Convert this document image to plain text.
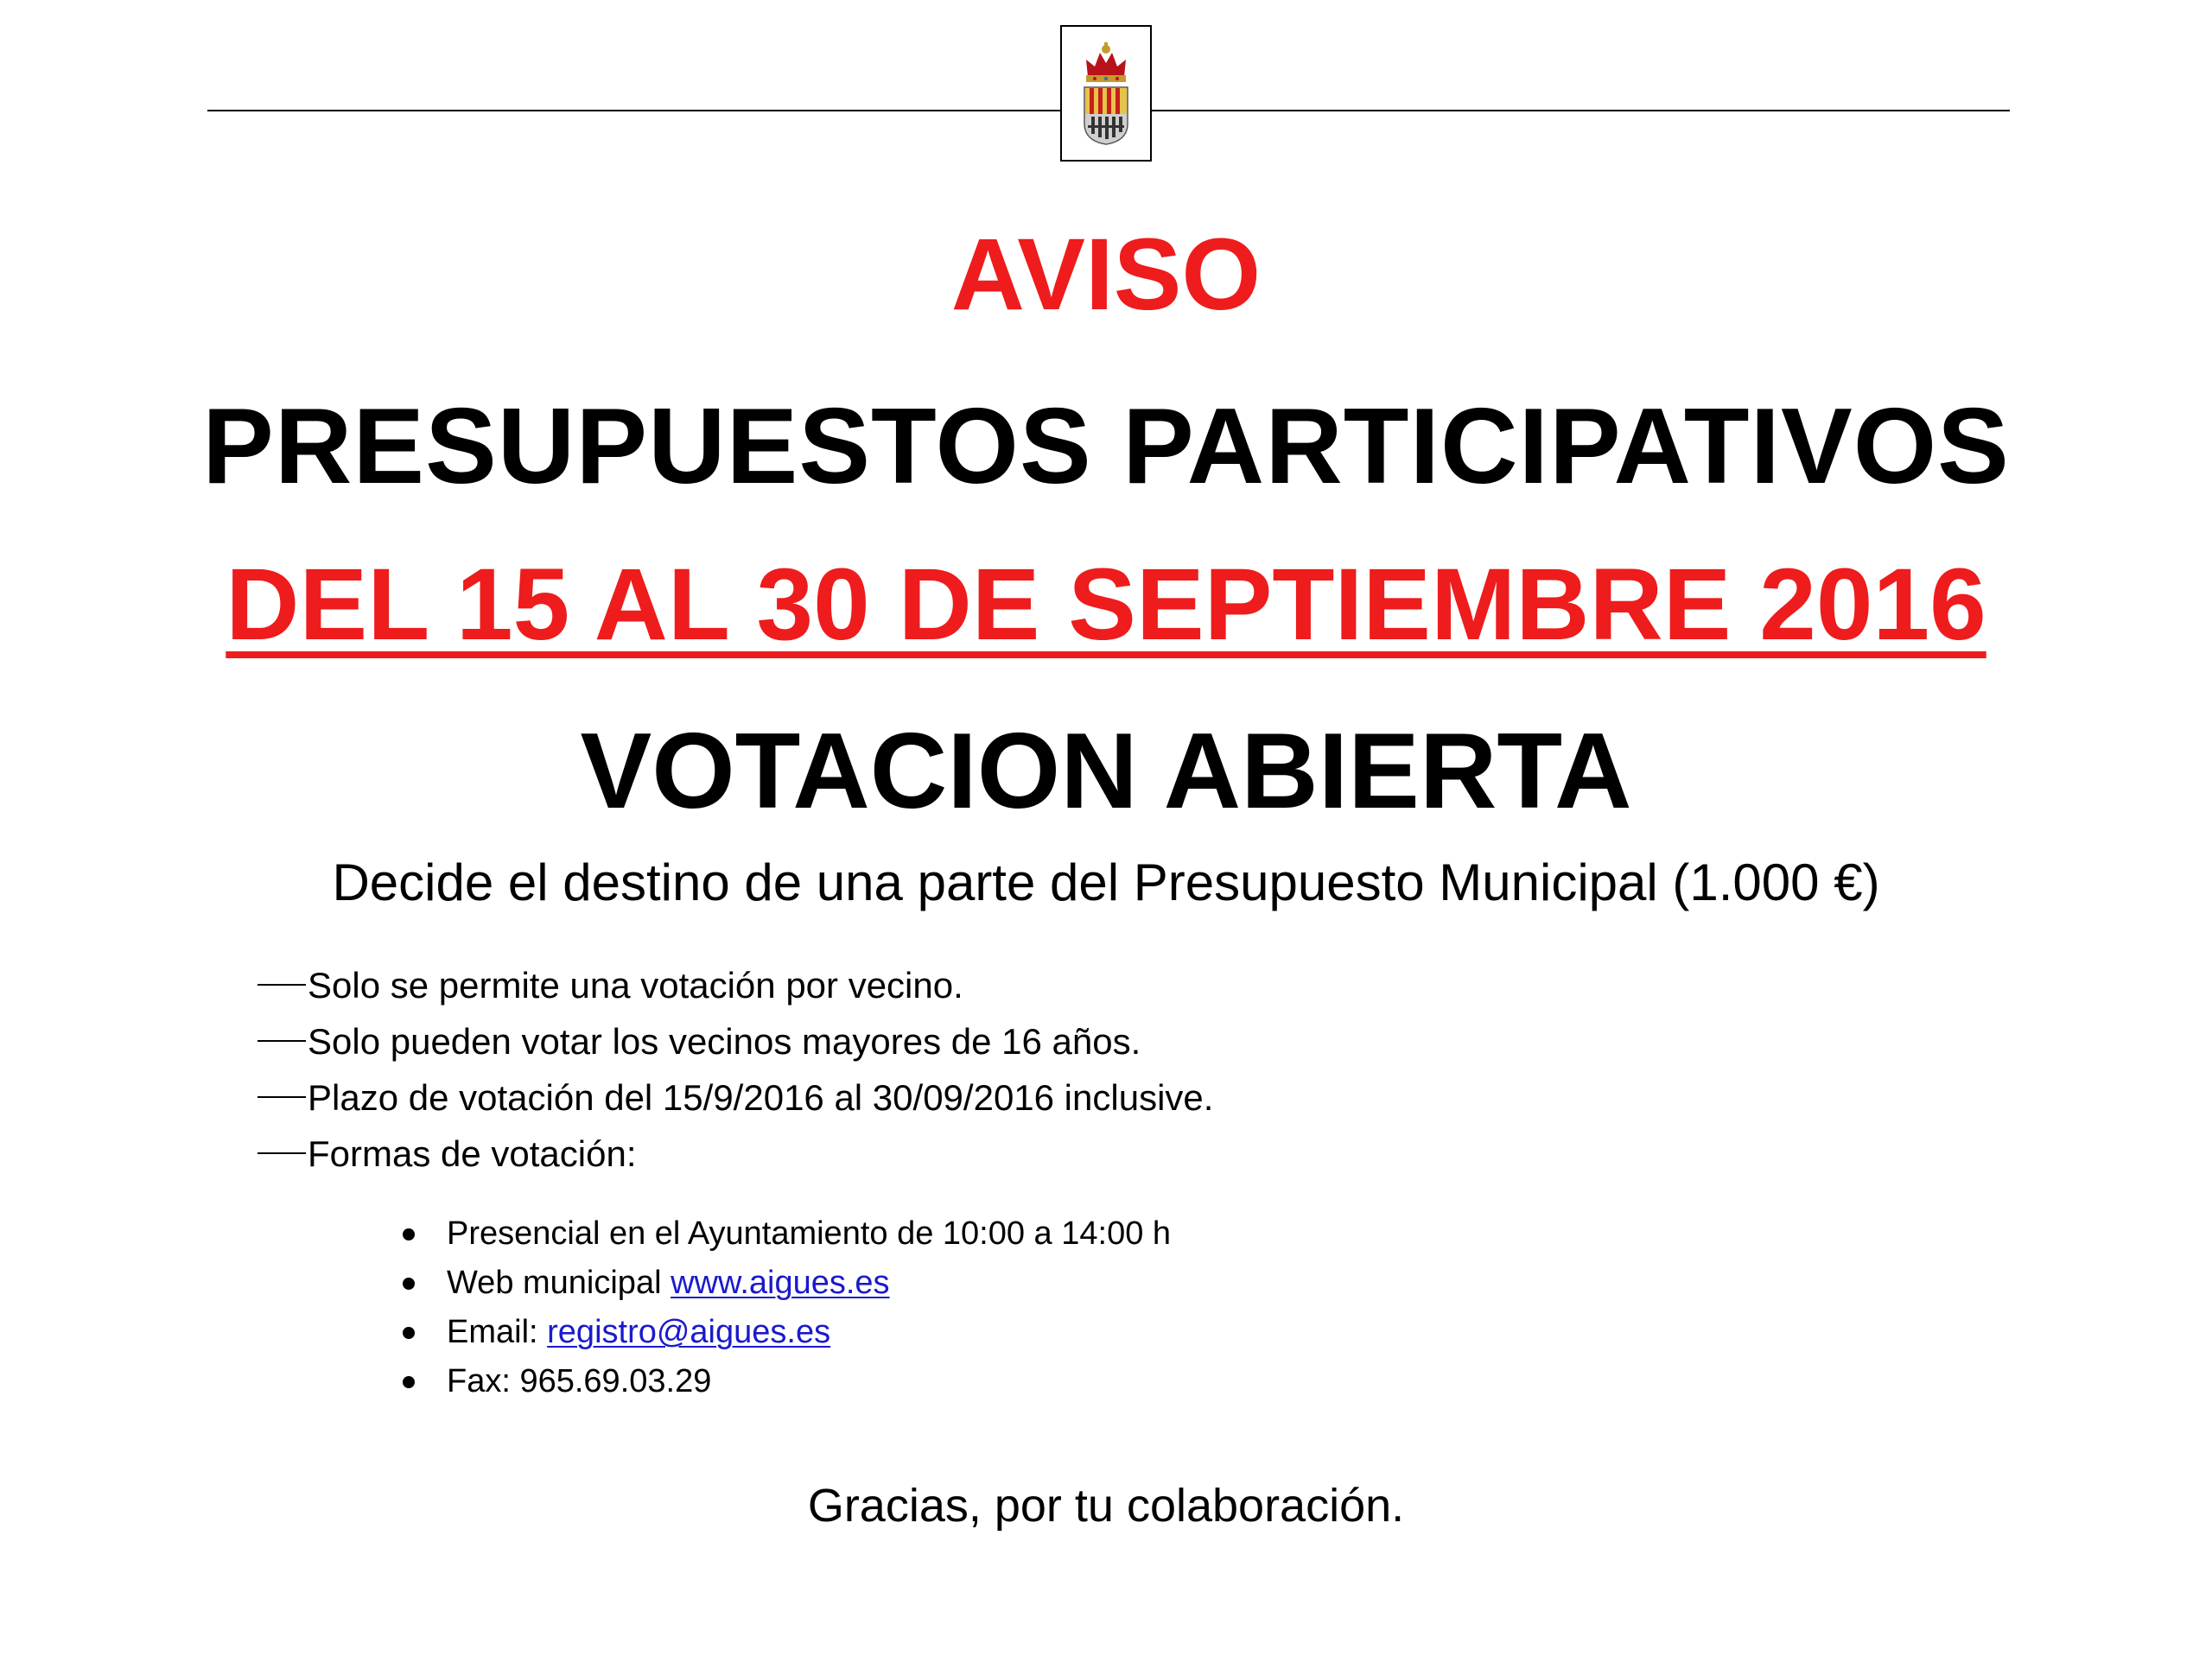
AVISO
PRESUPUESTOS PARTICIPATIVOS
DEL 15 AL 30 DE SEPTIEMBRE 2016
VOTACION ABIERTA
Decide el destino de una parte del Presupuesto Municipal (1.000 €)
Solo se permite una votación por vecino.
Solo pueden votar los vecinos mayores de 16 años.
Plazo de votación del 15/9/2016 al 30/09/2016 inclusive.
Formas de votación:
Presencial en el Ayuntamiento de 10:00 a 14:00 h
Web municipal www.aigues.es
Email: registro@aigues.es
Fax: 965.69.03.29
Gracias, por tu colaboración.
